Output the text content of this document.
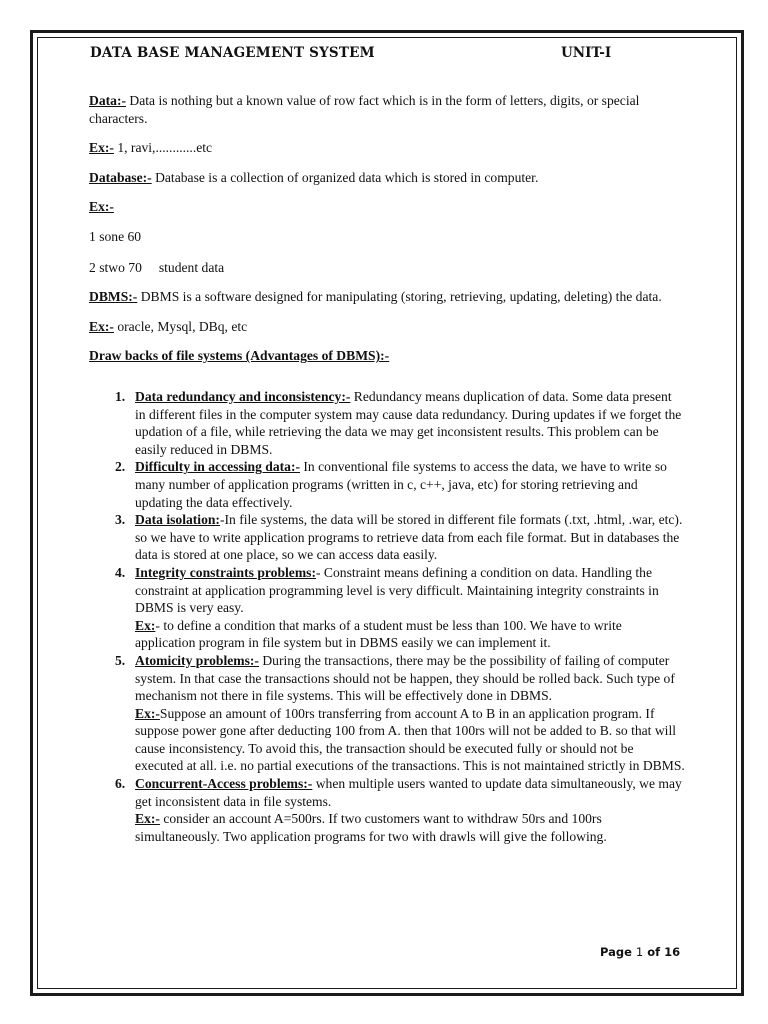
DATA BASE MANAGEMENT SYSTEM	UNIT-I

Data:- Data is nothing but a known value of row fact which is in the form of letters, digits, or special characters.

Ex:- 1, ravi,............etc

Database:- Database is a collection of organized data which is stored in computer.

Ex:-

1 sone 60

2 stwo 70     student data

DBMS:- DBMS is a software designed for manipulating (storing, retrieving, updating, deleting) the data.

Ex:- oracle, Mysql, DBq, etc

Draw backs of file systems (Advantages of DBMS):-

1. Data redundancy and inconsistency:- Redundancy means duplication of data. Some data present in different files in the computer system may cause data redundancy. During updates if we forget the updation of a file, while retrieving the data we may get inconsistent results. This problem can be easily reduced in DBMS.
2. Difficulty in accessing data:- In conventional file systems to access the data, we have to write so many number of application programs (written in c, c++, java, etc) for storing retrieving and updating the data effectively.
3. Data isolation:-In file systems, the data will be stored in different file formats (.txt, .html, .war, etc). so we have to write application programs to retrieve data from each file format. But in databases the data is stored at one place, so we can access data easily.
4. Integrity constraints problems:- Constraint means defining a condition on data. Handling the constraint at application programming level is very difficult. Maintaining integrity constraints in DBMS is very easy.
Ex:- to define a condition that marks of a student must be less than 100. We have to write application program in file system but in DBMS easily we can implement it.
5. Atomicity problems:- During the transactions, there may be the possibility of failing of computer system. In that case the transactions should not be happen, they should be rolled back. Such type of mechanism not there in file systems. This will be effectively done in DBMS.
Ex:-Suppose an amount of 100rs transferring from account A to B in an application program. If suppose power gone after deducting 100 from A. then that 100rs will not be added to B. so that will cause inconsistency. To avoid this, the transaction should be executed fully or should not be executed at all. i.e. no partial executions of the transactions. This is not maintained strictly in DBMS.
6. Concurrent-Access problems:- when multiple users wanted to update data simultaneously, we may get inconsistent data in file systems.
Ex:- consider an account A=500rs. If two customers want to withdraw 50rs and 100rs simultaneously. Two application programs for two with drawls will give the following.
Page 1 of 16
